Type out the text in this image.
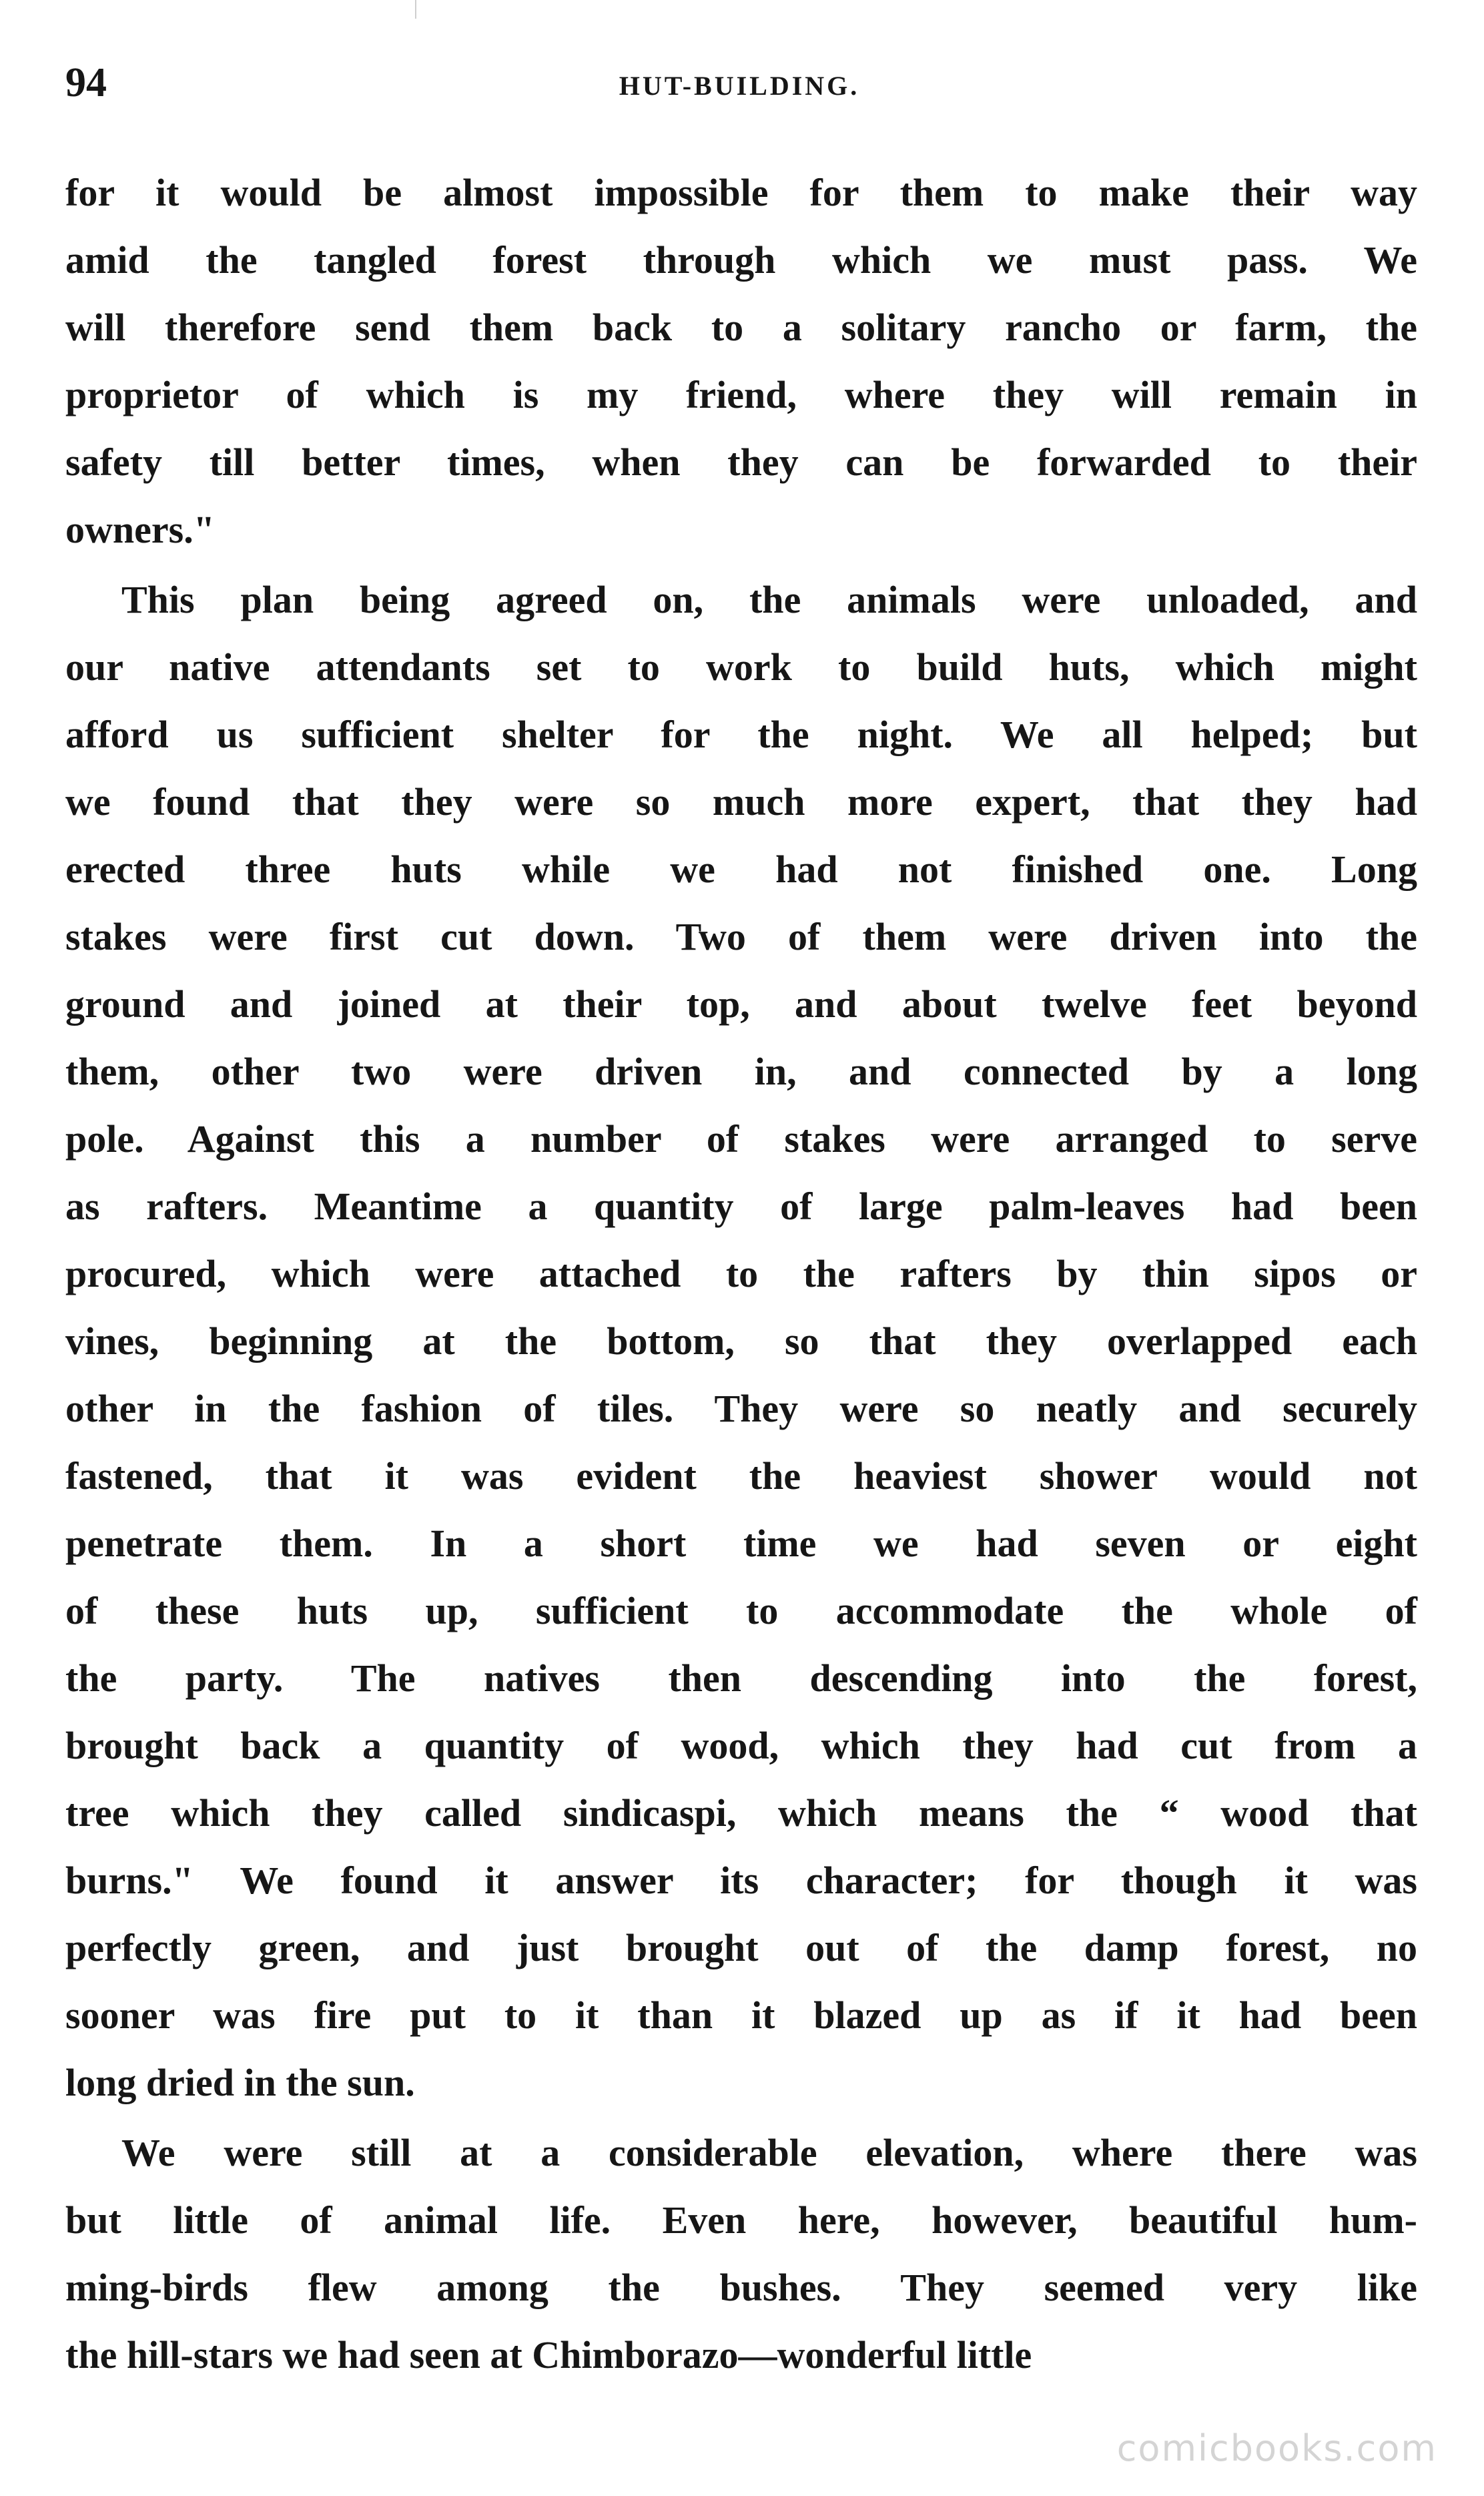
94	HUT-BUILDING.
for it would be almost impossible for them to make their way
amid the tangled forest through which we must pass. We
will therefore send them back to a solitary rancho or farm, the
proprietor of which is my friend, where they will remain in
safety till better times, when they can be forwarded to their
owners."
This plan being agreed on, the animals were unloaded, and
our native attendants set to work to build huts, which might
afford us sufficient shelter for the night. We all helped; but
we found that they were so much more expert, that they had
erected three huts while we had not finished one. Long
stakes were first cut down. Two of them were driven into the
ground and joined at their top, and about twelve feet beyond
them, other two were driven in, and connected by a long
pole. Against this a number of stakes were arranged to serve
as rafters. Meantime a quantity of large palm-leaves had been
procured, which were attached to the rafters by thin sipos or
vines, beginning at the bottom, so that they overlapped each
other in the fashion of tiles. They were so neatly and securely
fastened, that it was evident the heaviest shower would not
penetrate them. In a short time we had seven or eight
of these huts up, sufficient to accommodate the whole of
the party. The natives then descending into the forest,
brought back a quantity of wood, which they had cut from a
tree which they called sindicaspi, which means the “ wood that
burns." We found it answer its character; for though it was
perfectly green, and just brought out of the damp forest, no
sooner was fire put to it than it blazed up as if it had been
long dried in the sun.
We were still at a considerable elevation, where there was
but little of animal life. Even here, however, beautiful hum-
ming-birds flew among the bushes. They seemed very like
the hill-stars we had seen at Chimborazo—wonderful little
comicbooks.com
